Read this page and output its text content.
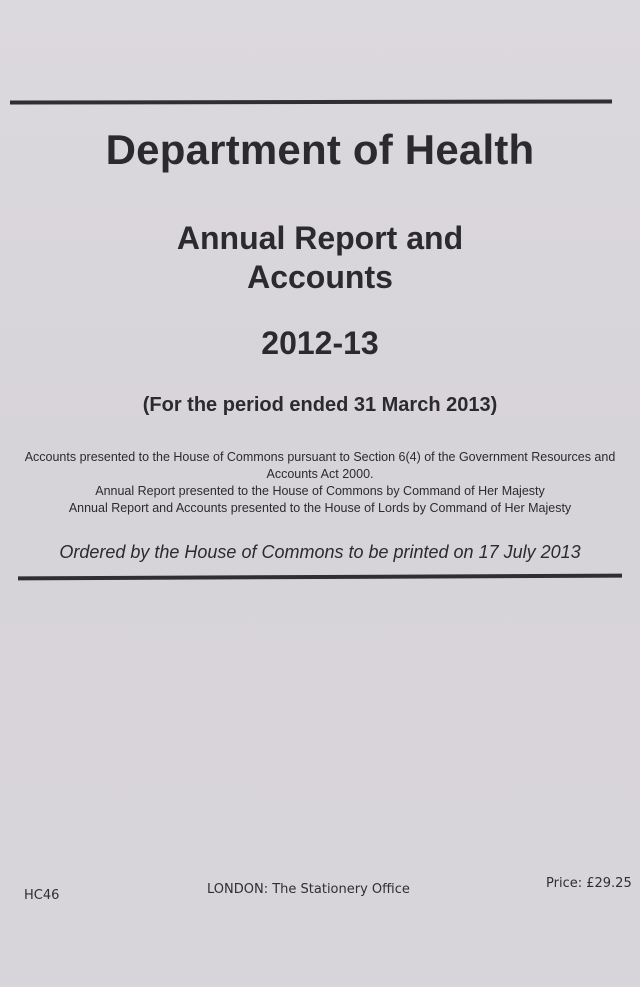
Department of Health
Annual Report and
Accounts
2012-13
(For the period ended 31 March 2013)
Accounts presented to the House of Commons pursuant to Section 6(4) of the Government Resources and
Accounts Act 2000.
Annual Report presented to the House of Commons by Command of Her Majesty
Annual Report and Accounts presented to the House of Lords by Command of Her Majesty
Ordered by the House of Commons to be printed on 17 July 2013
HC46	LONDON: The Stationery Office	Price: £29.25
